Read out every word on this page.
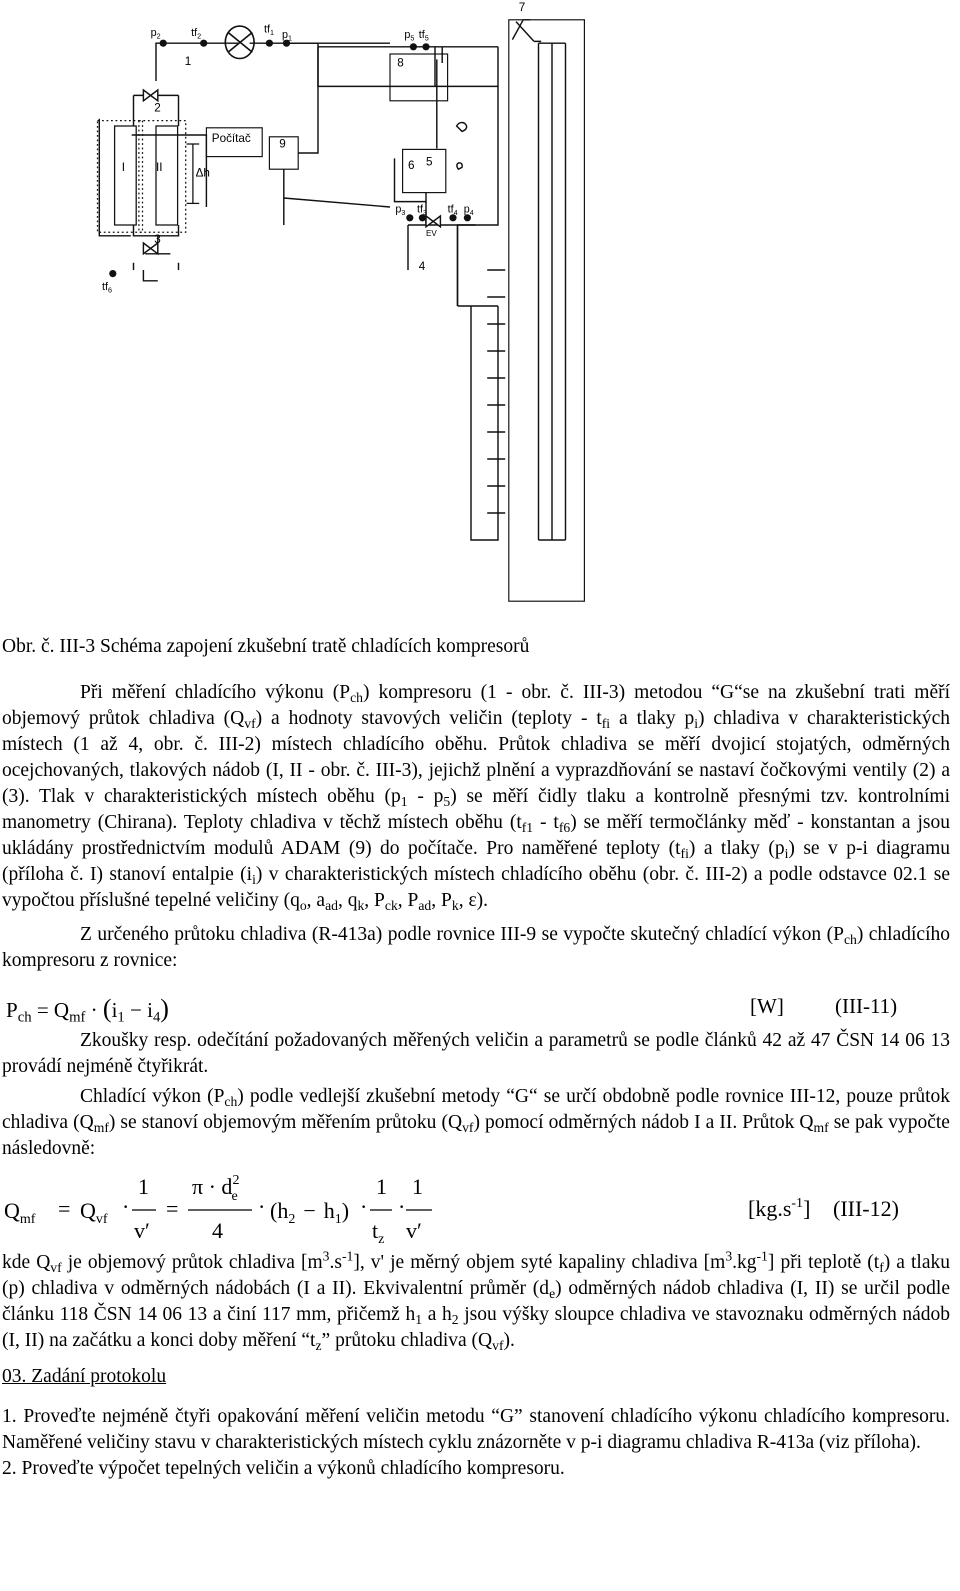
$p_2$	$tf_2$
$tf_1$ $p_1$	$p_5$ $tf_5$
$p_3$ $tf_3$ $tf_4$ $p_4$
$tf_6$
1
2
3
4
5
6
7
8
9
I II	Δh
Počítač
EV
Obr. č. III-3 Schéma zapojení zkušební tratě chladících kompresorů

Při měření chladícího výkonu $(P_{ch})$ kompresoru (1 - obr. č. III-3) metodou “G“se na zkušební trati měří objemový průtok chladiva $(Q_{vf})$ a hodnoty stavových veličin (teploty - $t_{fi}$ a tlaky $p_i$) chladiva v charakteristických místech (1 až 4, obr. č. III-2) místech chladícího oběhu. Průtok chladiva se měří dvojicí stojatých, odměrných ocejchovaných, tlakových nádob (I, II - obr. č. III-3), jejichž plnění a vyprazdňování se nastaví čočkovými ventily (2) a (3). Tlak v charakteristických místech oběhu $(p_1 - p_5)$ se měří čidly tlaku a kontrolně přesnými tzv. kontrolními manometry (Chirana). Teploty chladiva v těchž místech oběhu $(t_{f1} - t_{f6})$ se měří termočlánky měď - konstantan a jsou ukládány prostřednictvím modulů ADAM (9) do počítače. Pro naměřené teploty $(t_{fi})$ a tlaky $(p_i)$ se v p-i diagramu (příloha č. I) stanoví entalpie $(i_i)$ v charakteristických místech chladícího oběhu (obr. č. III-2) a podle odstavce 02.1 se vypočtou příslušné tepelné veličiny ($q_o$, $a_{ad}$, $q_k$, $P_{ck}$, $P_{ad}$, $P_k$, ε).

Z určeného průtoku chladiva (R-413a) podle rovnice III-9 se vypočte skutečný chladící výkon $(P_{ch})$ chladícího kompresoru z rovnice:

$P_{ch} = Q_{mf} \cdot (i_1 - i_4)$	[W] (III-11)

Zkoušky resp. odečítání požadovaných měřených veličin a parametrů se podle článků 42 až 47 ČSN 14 06 13 provádí nejméně čtyřikrát.

Chladící výkon $(P_{ch})$ podle vedlejší zkušební metody “G“ se určí obdobně podle rovnice III-12, pouze průtok chladiva $(Q_{mf})$ se stanoví objemovým měřením průtoku $(Q_{vf})$ pomocí odměrných nádob I a II. Průtok $Q_{mf}$ se pak vypočte následovně:

$Q_{mf} = Q_{vf}$
·
1
v′
=
$\pi \cdot d^2$ e
4
· $(h_2 - h_1)$ ·
1
$t_z$
·
1
v′
$[kg.s^{-1}]$ (III-12)

kde $Q_{vf}$ je objemový průtok chladiva $[m^3.s^{-1}]$, v' je měrný objem syté kapaliny chladiva $[m^3.kg^{-1}]$ při teplotě $(t_f)$ a tlaku (p) chladiva v odměrných nádobách (I a II). Ekvivalentní průměr $(d_e)$ odměrných nádob chladiva (I, II) se určil podle článku 118 ČSN 14 06 13 a činí 117 mm, přičemž $h_1$ a $h_2$ jsou výšky sloupce chladiva ve stavoznaku odměrných nádob (I, II) na začátku a konci doby měření “$t_z$” průtoku chladiva $(Q_{vf})$.

03. Zadání protokolu
1. Proveďte nejméně čtyři opakování měření veličin metodu “G” stanovení chladícího výkonu chladícího kompresoru. Naměřené veličiny stavu v charakteristických místech cyklu znázorněte v p-i diagramu chladiva R-413a (viz příloha).
2. Proveďte výpočet tepelných veličin a výkonů chladícího kompresoru.
